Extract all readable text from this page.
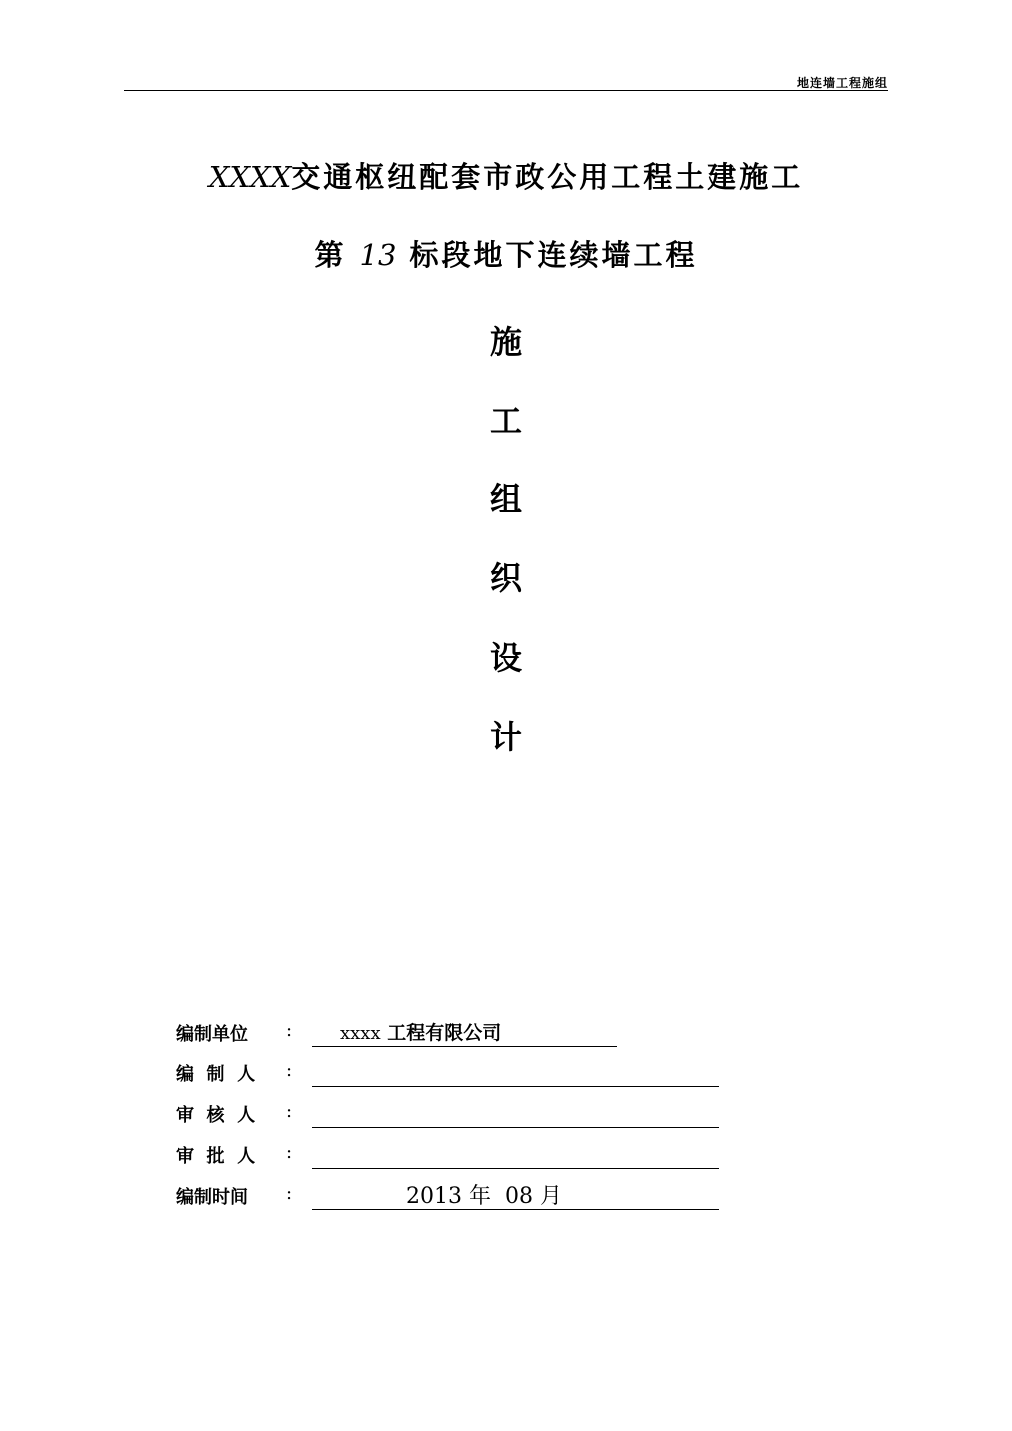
地连墙工程施组
XXXX交通枢纽配套市政公用工程土建施工
第 13 标段地下连续墙工程
施
工
组
织
设
计
编制单位 :	xxxx 工程有限公司
编  制  人 :
审  核  人 :
审  批  人 :
编制时间 :	2013 年  08 月
